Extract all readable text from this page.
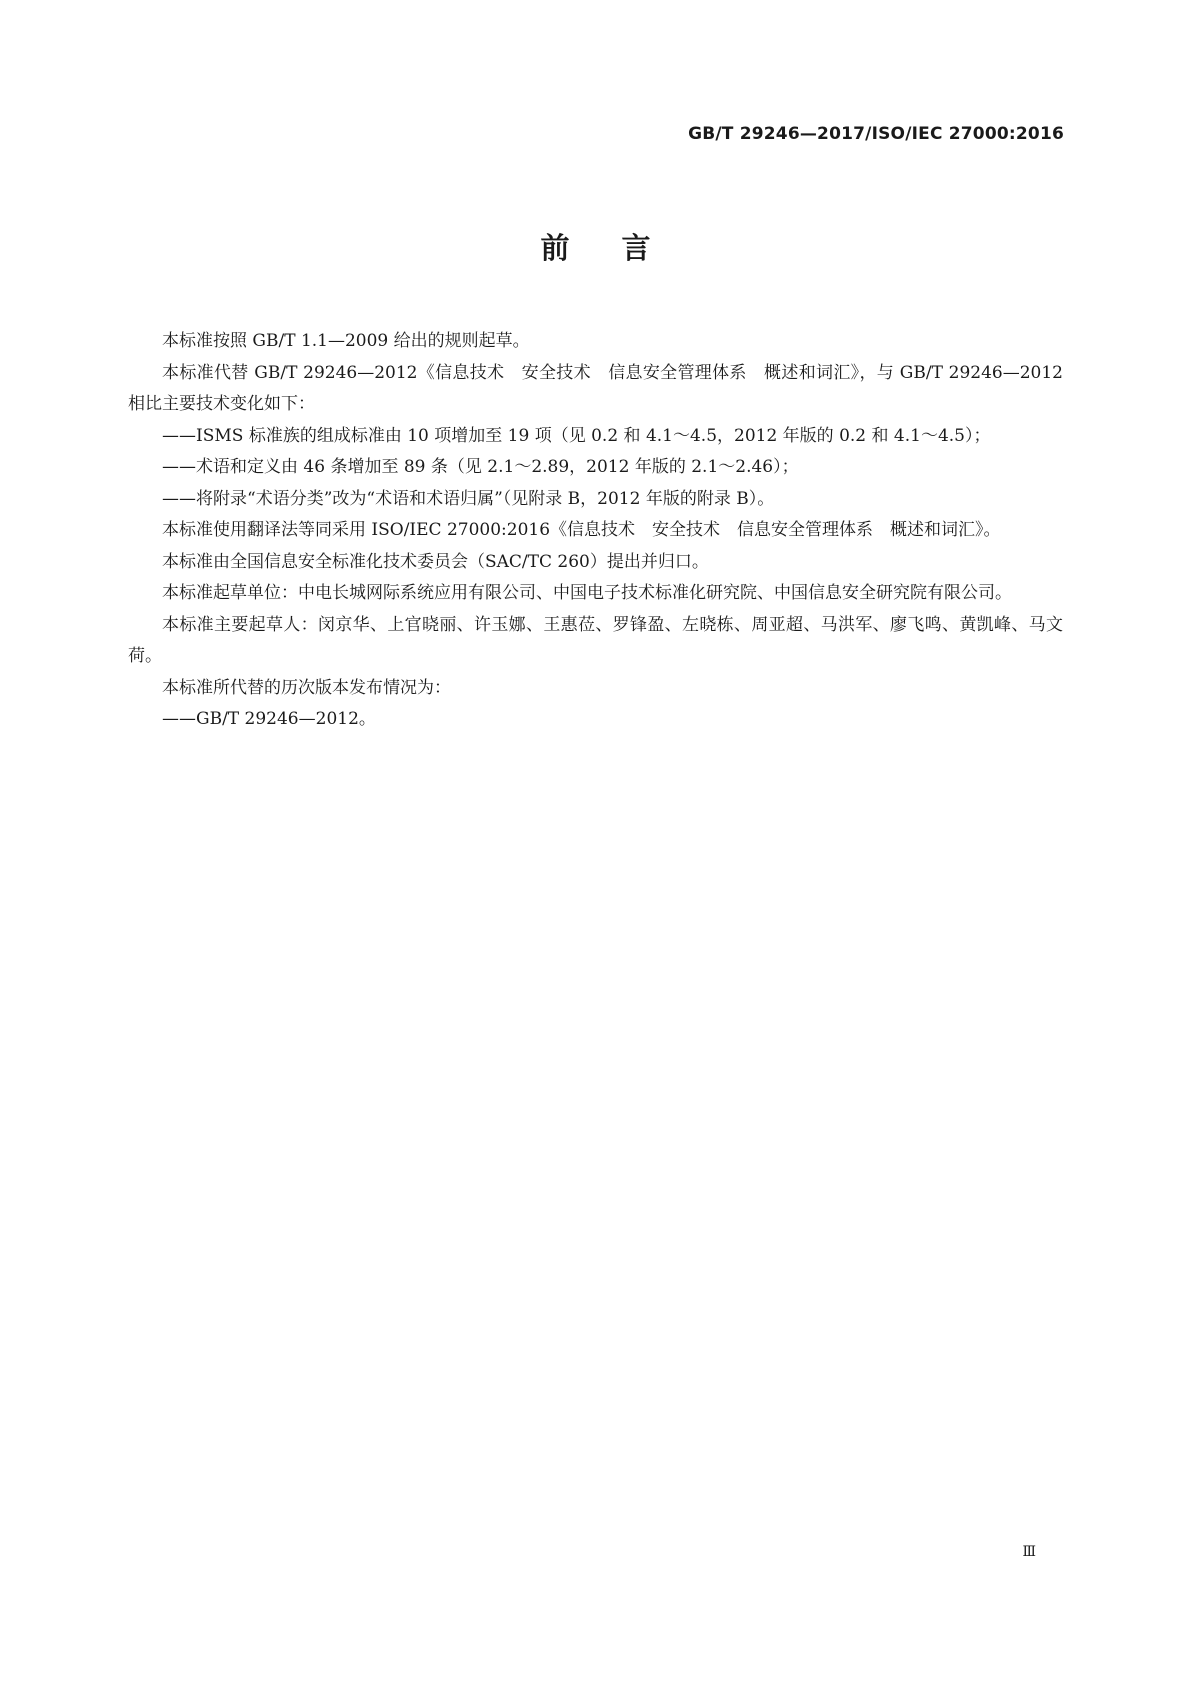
GB/T 29246—2017/ISO/IEC 27000:2016
前言

本标准按照 GB/T 1.1—2009 给出的规则起草。

本标准代替 GB/T 29246—2012《信息技术　安全技术　信息安全管理体系　概述和词汇》，与 GB/T 29246—2012 相比主要技术变化如下：

——ISMS 标准族的组成标准由 10 项增加至 19 项（见 0.2 和 4.1～4.5，2012 年版的 0.2 和 4.1～4.5）；

——术语和定义由 46 条增加至 89 条（见 2.1～2.89，2012 年版的 2.1～2.46）；

——将附录“术语分类”改为“术语和术语归属”（见附录 B，2012 年版的附录 B）。

本标准使用翻译法等同采用 ISO/IEC 27000:2016《信息技术　安全技术　信息安全管理体系　概述和词汇》。

本标准由全国信息安全标准化技术委员会（SAC/TC 260）提出并归口。

本标准起草单位：中电长城网际系统应用有限公司、中国电子技术标准化研究院、中国信息安全研究院有限公司。

本标准主要起草人：闵京华、上官晓丽、许玉娜、王惠莅、罗锋盈、左晓栋、周亚超、马洪军、廖飞鸣、黄凯峰、马文荷。

本标准所代替的历次版本发布情况为：

——GB/T 29246—2012。

Ⅲ
